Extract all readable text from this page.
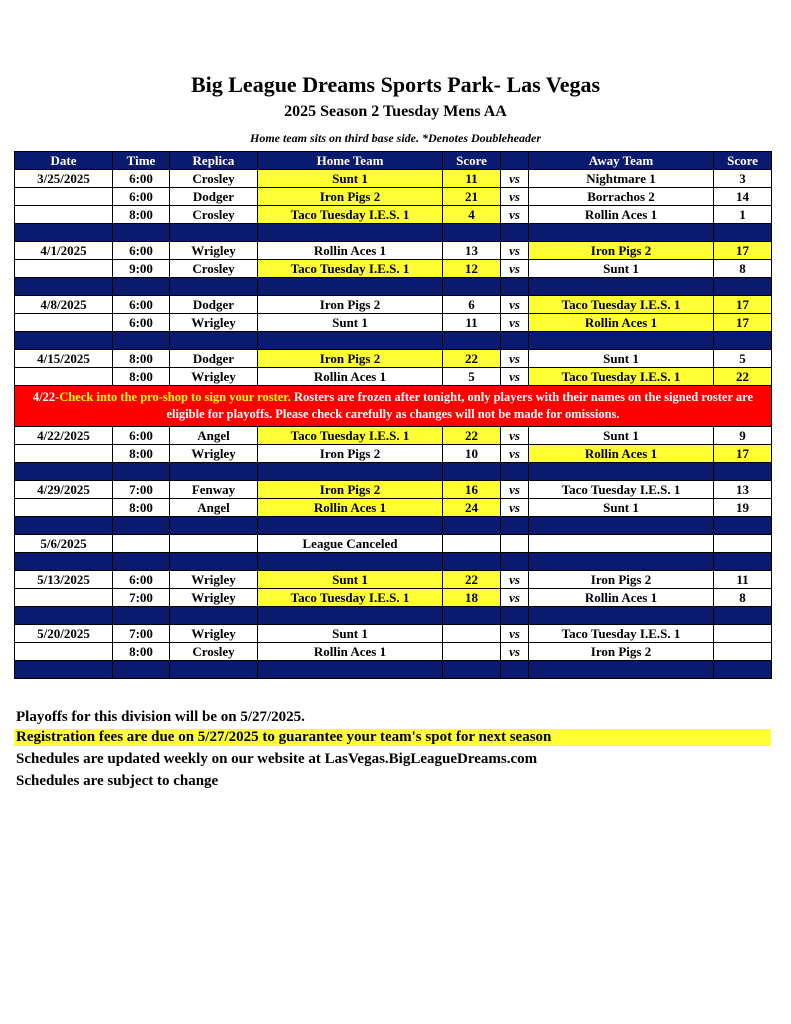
Big League Dreams Sports Park- Las Vegas
2025 Season 2 Tuesday Mens AA
Home team sits on third base side. *Denotes Doubleheader
Date	Time	Replica	Home Team	Score		Away Team	Score
3/25/2025	6:00	Crosley	Sunt 1	11	vs	Nightmare 1	3
	6:00	Dodger	Iron Pigs 2	21	vs	Borrachos 2	14
	8:00	Crosley	Taco Tuesday I.E.S. 1	4	vs	Rollin Aces 1	1

4/1/2025	6:00	Wrigley	Rollin Aces 1	13	vs	Iron Pigs 2	17
	9:00	Crosley	Taco Tuesday I.E.S. 1	12	vs	Sunt 1	8

4/8/2025	6:00	Dodger	Iron Pigs 2	6	vs	Taco Tuesday I.E.S. 1	17
	6:00	Wrigley	Sunt 1	11	vs	Rollin Aces 1	17

4/15/2025	8:00	Dodger	Iron Pigs 2	22	vs	Sunt 1	5
	8:00	Wrigley	Rollin Aces 1	5	vs	Taco Tuesday I.E.S. 1	22
4/22-Check into the pro-shop to sign your roster. Rosters are frozen after tonight, only players with their names on the signed roster are eligible for playoffs. Please check carefully as changes will not be made for omissions.							
4/22/2025	6:00	Angel	Taco Tuesday I.E.S. 1	22	vs	Sunt 1	9
	8:00	Wrigley	Iron Pigs 2	10	vs	Rollin Aces 1	17

4/29/2025	7:00	Fenway	Iron Pigs 2	16	vs	Taco Tuesday I.E.S. 1	13
	8:00	Angel	Rollin Aces 1	24	vs	Sunt 1	19

5/6/2025			League Canceled				

5/13/2025	6:00	Wrigley	Sunt 1	22	vs	Iron Pigs 2	11
	7:00	Wrigley	Taco Tuesday I.E.S. 1	18	vs	Rollin Aces 1	8

5/20/2025	7:00	Wrigley	Sunt 1		vs	Taco Tuesday I.E.S. 1	
	8:00	Crosley	Rollin Aces 1		vs	Iron Pigs 2	

Playoffs for this division will be on 5/27/2025.
Registration fees are due on 5/27/2025 to guarantee your team's spot for next season
Schedules are updated weekly on our website at LasVegas.BigLeagueDreams.com
Schedules are subject to change
